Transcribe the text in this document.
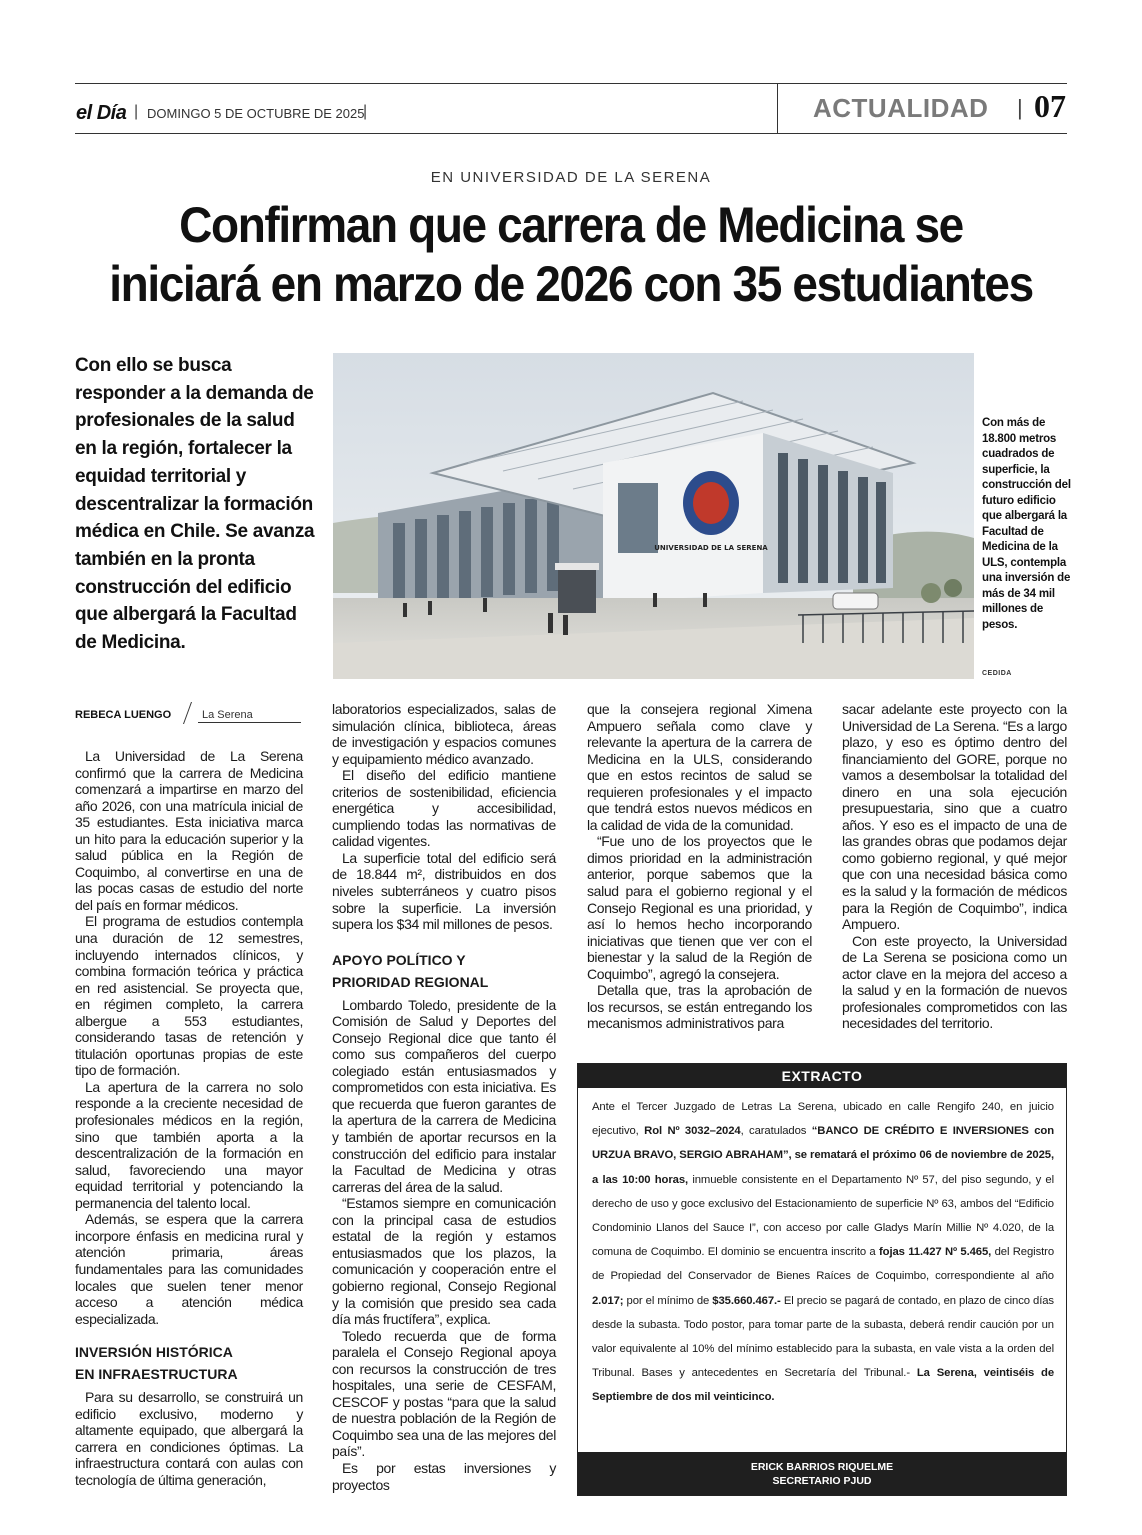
el Día | DOMINGO 5 DE OCTUBRE DE 2025
|	ACTUALIDAD | 07
EN UNIVERSIDAD DE LA SERENA
Confirman que carrera de Medicina se
iniciará en marzo de 2026 con 35 estudiantes
Con ello se busca responder a la demanda de profesionales de la salud en la región, fortalecer la equidad territorial y descentralizar la formación médica en Chile. Se avanza también en la pronta construcción del edificio que albergará la Facultad de Medicina.
UNIVERSIDAD DE LA SERENA
Con más de 18.800 metros cuadrados de superficie, la construcción del futuro edificio que albergará la Facultad de Medicina de la ULS, contempla una inversión de más de 34 mil millones de pesos.
CEDIDA
REBECA LUENGO	La Serena

La Universidad de La Serena confirmó que la carrera de Medicina comenzará a impartirse en marzo del año 2026, con una matrícula inicial de 35 estudiantes. Esta iniciativa marca un hito para la educación superior y la salud pública en la Región de Coquimbo, al convertirse en una de las pocas casas de estudio del norte del país en formar médicos.

El programa de estudios contempla una duración de 12 semestres, incluyendo internados clínicos, y combina formación teórica y práctica en red asistencial. Se proyecta que, en régimen completo, la carrera albergue a 553 estudiantes, considerando tasas de retención y titulación oportunas propias de este tipo de formación.

La apertura de la carrera no solo responde a la creciente necesidad de profesionales médicos en la región, sino que también aporta a la descentralización de la formación en salud, favoreciendo una mayor equidad territorial y potenciando la permanencia del talento local.

Además, se espera que la carrera incorpore énfasis en medicina rural y atención primaria, áreas fundamentales para las comunidades locales que suelen tener menor acceso a atención médica especializada.

INVERSIÓN HISTÓRICA
EN INFRAESTRUCTURA

Para su desarrollo, se construirá un edificio exclusivo, moderno y altamente equipado, que albergará la carrera en condiciones óptimas. La infraestructura contará con aulas con tecnología de última generación,

laboratorios especializados, salas de simulación clínica, biblioteca, áreas de investigación y espacios comunes y equipamiento médico avanzado.

El diseño del edificio mantiene criterios de sostenibilidad, eficiencia energética y accesibilidad, cumpliendo todas las normativas de calidad vigentes.

La superficie total del edificio será de 18.844 m², distribuidos en dos niveles subterráneos y cuatro pisos sobre la superficie. La inversión supera los $34 mil millones de pesos.

APOYO POLÍTICO Y
PRIORIDAD REGIONAL

Lombardo Toledo, presidente de la Comisión de Salud y Deportes del Consejo Regional dice que tanto él como sus compañeros del cuerpo colegiado están entusiasmados y comprometidos con esta iniciativa. Es que recuerda que fueron garantes de la apertura de la carrera de Medicina y también de aportar recursos en la construcción del edificio para instalar la Facultad de Medicina y otras carreras del área de la salud.

“Estamos siempre en comunicación con la principal casa de estudios estatal de la región y estamos entusiasmados que los plazos, la comunicación y cooperación entre el gobierno regional, Consejo Regional y la comisión que presido sea cada día más fructífera”, explica.

Toledo recuerda que de forma paralela el Consejo Regional apoya con recursos la construcción de tres hospitales, una serie de CESFAM, CESCOF y postas “para que la salud de nuestra población de la Región de Coquimbo sea una de las mejores del país”.

Es por estas inversiones y proyectos

que la consejera regional Ximena Ampuero señala como clave y relevante la apertura de la carrera de Medicina en la ULS, considerando que en estos recintos de salud se requieren profesionales y el impacto que tendrá estos nuevos médicos en la calidad de vida de la comunidad.

“Fue uno de los proyectos que le dimos prioridad en la administración anterior, porque sabemos que la salud para el gobierno regional y el Consejo Regional es una prioridad, y así lo hemos hecho incorporando iniciativas que tienen que ver con el bienestar y la salud de la Región de Coquimbo”, agregó la consejera.

Detalla que, tras la aprobación de los recursos, se están entregando los mecanismos administrativos para

sacar adelante este proyecto con la Universidad de La Serena. “Es a largo plazo, y eso es óptimo dentro del financiamiento del GORE, porque no vamos a desembolsar la totalidad del dinero en una sola ejecución presupuestaria, sino que a cuatro años. Y eso es el impacto de una de las grandes obras que podamos dejar como gobierno regional, y qué mejor que con una necesidad básica como es la salud y la formación de médicos para la Región de Coquimbo”, indica Ampuero.

Con este proyecto, la Universidad de La Serena se posiciona como un actor clave en la mejora del acceso a la salud y en la formación de nuevos profesionales comprometidos con las necesidades del territorio.

EXTRACTO
Ante el Tercer Juzgado de Letras La Serena, ubicado en calle Rengifo 240, en juicio ejecutivo, Rol Nº 3032–2024, caratulados “BANCO DE CRÉDITO E INVERSIONES con URZUA BRAVO, SERGIO ABRAHAM”, se rematará el próximo 06 de noviembre de 2025, a las 10:00 horas, inmueble consistente en el Departamento Nº 57, del piso segundo, y el derecho de uso y goce exclusivo del Estacionamiento de superficie Nº 63, ambos del “Edificio Condominio Llanos del Sauce I”, con acceso por calle Gladys Marín Millie Nº 4.020, de la comuna de Coquimbo. El dominio se encuentra inscrito a fojas 11.427 Nº 5.465, del Registro de Propiedad del Conservador de Bienes Raíces de Coquimbo, correspondiente al año 2.017; por el mínimo de $35.660.467.- El precio se pagará de contado, en plazo de cinco días desde la subasta. Todo postor, para tomar parte de la subasta, deberá rendir caución por un valor equivalente al 10% del mínimo establecido para la subasta, en vale vista a la orden del Tribunal. Bases y antecedentes en Secretaría del Tribunal.- La Serena, veintiséis de Septiembre de dos mil veinticinco.
ERICK BARRIOS RIQUELME
SECRETARIO PJUD
